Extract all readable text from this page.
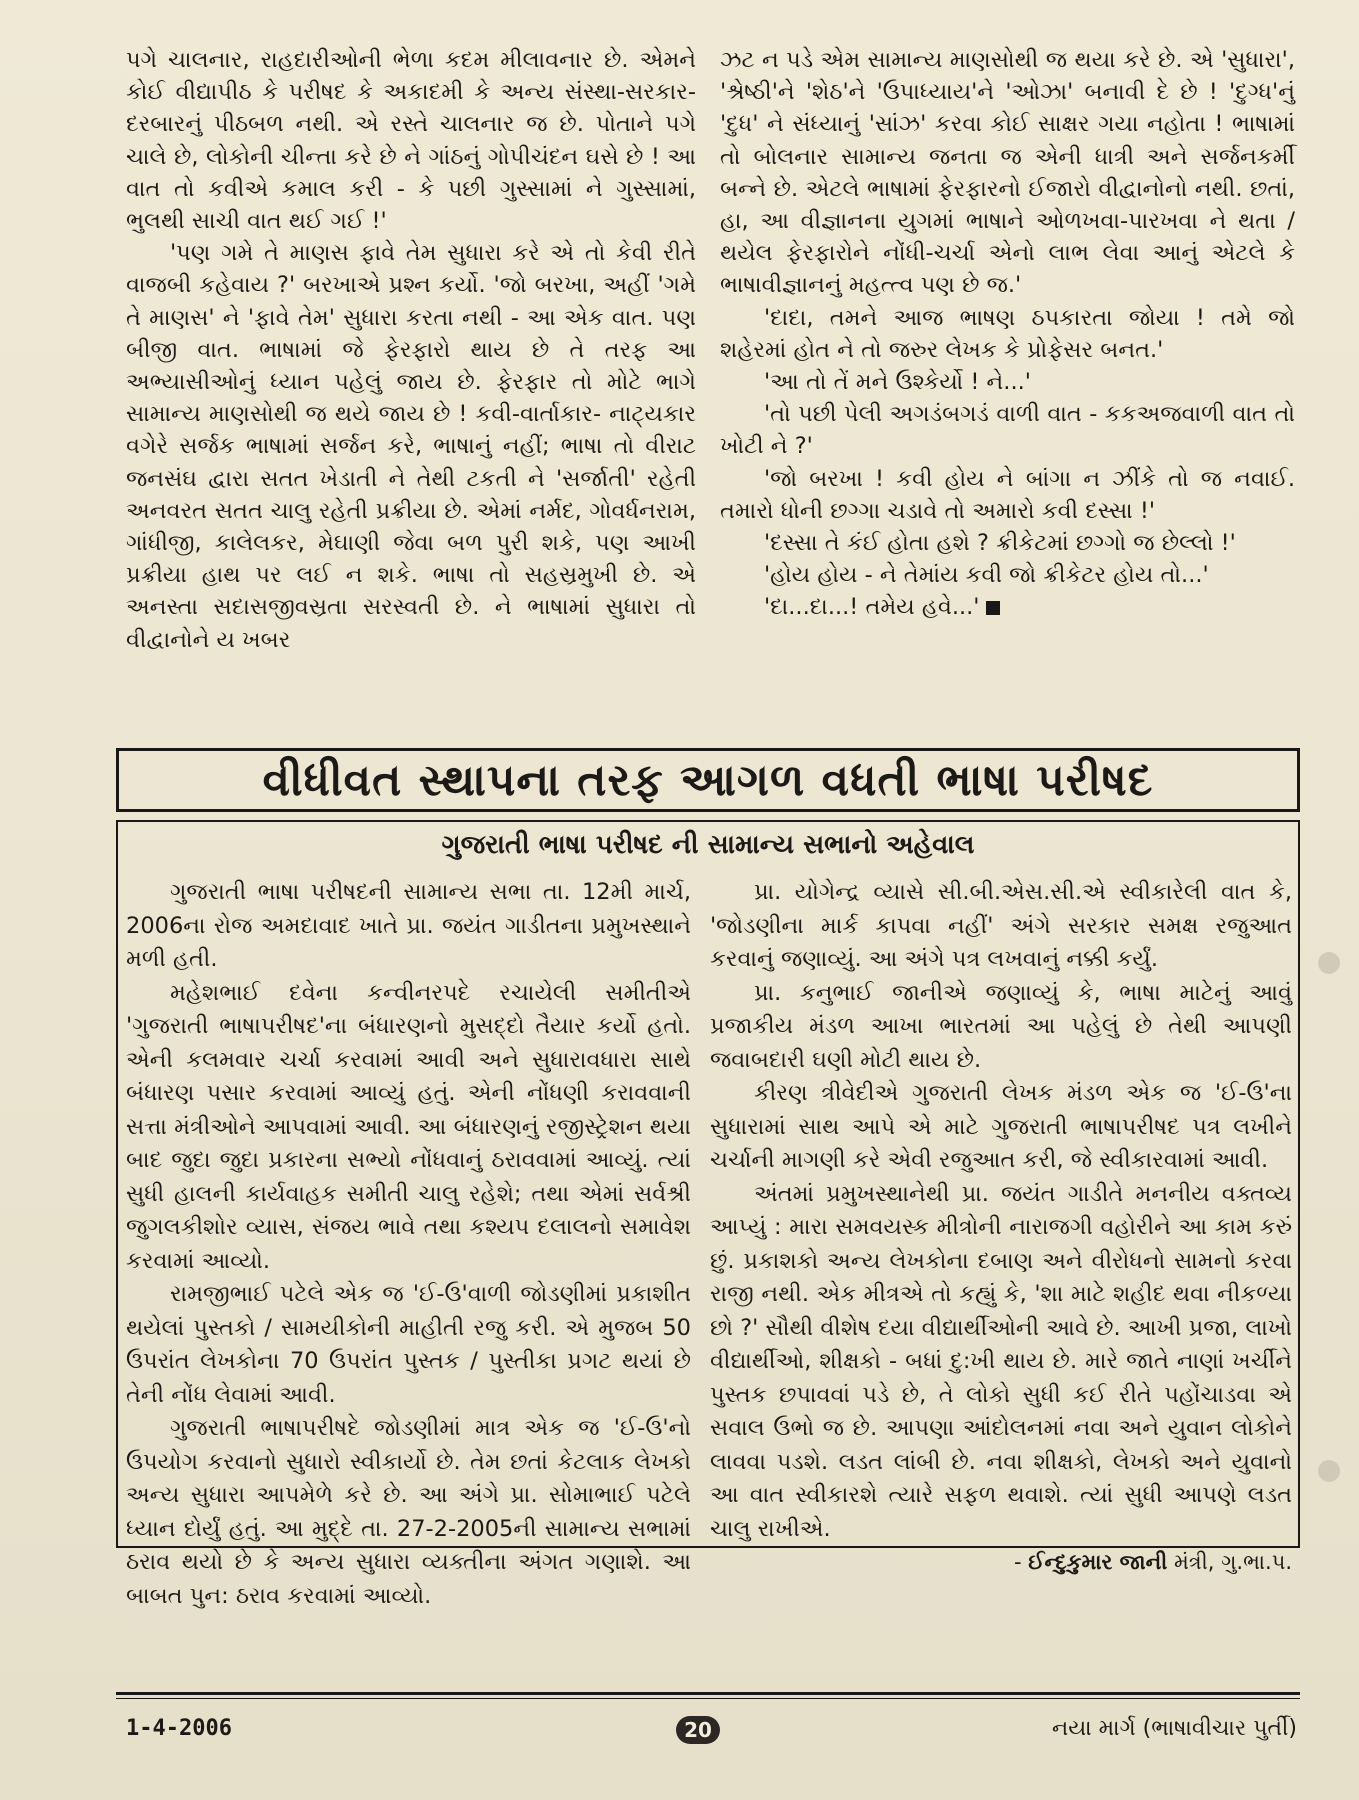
પગે ચાલનાર, રાહદારીઓની ભેળા કદમ મીલાવનાર છે. એમને કોઈ વીદ્યાપીઠ કે પરીષદ કે અકાદમી કે અન્ય સંસ્થા-સરકાર-દરબારનું પીઠબળ નથી. એ રસ્તે ચાલનાર જ છે. પોતાને પગે ચાલે છે, લોકોની ચીન્તા કરે છે ને ગાંઠનું ગોપીચંદન ઘસે છે ! આ વાત તો કવીએ કમાલ કરી - કે પછી ગુસ્સામાં ને ગુસ્સામાં, ભુલથી સાચી વાત થઈ ગઈ !'

'પણ ગમે તે માણસ ફાવે તેમ સુધારા કરે એ તો કેવી રીતે વાજબી કહેવાય ?' બરખાએ પ્રશ્ન કર્યો. 'જો બરખા, અહીં 'ગમે તે માણસ' ને 'ફાવે તેમ' સુધારા કરતા નથી - આ એક વાત. પણ બીજી વાત. ભાષામાં જે ફેરફારો થાય છે તે તરફ આ અભ્યાસીઓનું ધ્યાન પહેલું જાય છે. ફેરફાર તો મોટે ભાગે સામાન્ય માણસોથી જ થયે જાય છે ! કવી-વાર્તાકાર- નાટ્યકાર વગેરે સર્જક ભાષામાં સર્જન કરે, ભાષાનું નહીં; ભાષા તો વીરાટ જનસંઘ દ્વારા સતત ખેડાતી ને તેથી ટકતી ને 'સર્જાતી' રહેતી અનવરત સતત ચાલુ રહેતી પ્રક્રીયા છે. એમાં નર્મદ, ગોવર્ધનરામ, ગાંધીજી, કાલેલકર, મેઘાણી જેવા બળ પુરી શકે, પણ આખી પ્રક્રીયા હાથ પર લઈ ન શકે. ભાષા તો સહસ્રમુખી છે. એ અનસ્તા સદાસજીવસ્રતા સરસ્વતી છે. ને ભાષામાં સુધારા તો વીદ્વાનોને ય ખબર

ઝટ ન પડે એમ સામાન્ય માણસોથી જ થયા કરે છે. એ 'સુધારા', 'શ્રેષ્ઠી'ને 'શેઠ'ને 'ઉપાધ્યાય'ને 'ઓઝા' બનાવી દે છે ! 'દુગ્ધ'નું 'દુધ' ને સંધ્યાનું 'સાંઝ' કરવા કોઈ સાક્ષર ગયા નહોતા ! ભાષામાં તો બોલનાર સામાન્ય જનતા જ એની ધાત્રી અને સર્જનકર્મી બન્ને છે. એટલે ભાષામાં ફેરફારનો ઈજારો વીદ્વાનોનો નથી. છતાં, હા, આ વીજ્ઞાનના યુગમાં ભાષાને ઓળખવા-પારખવા ને થતા / થયેલ ફેરફારોને નોંધી-ચર્ચા એનો લાભ લેવા આનું એટલે કે ભાષાવીજ્ઞાનનું મહત્ત્વ પણ છે જ.'

'દાદા, તમને આજ ભાષણ ઠપકારતા જોયા ! તમે જો શહેરમાં હોત ને તો જરુર લેખક કે પ્રોફેસર બનત.'

'આ તો તેં મને ઉશ્કેર્યો ! ને...'

'તો પછી પેલી અગડંબગડં વાળી વાત - કકઅજવાળી વાત તો ખોટી ને ?'

'જો બરખા ! કવી હોય ને બાંગા ન ઝીંકે તો જ નવાઈ. તમારો ધોની છગ્ગા ચડાવે તો અમારો કવી દસ્સા !'

'દસ્સા તે કંઈ હોતા હશે ? ક્રીકેટમાં છગ્ગો જ છેલ્લો !'

'હોય હોય - ને તેમાંય કવી જો ક્રીકેટર હોય તો...'

'દા...દા...! તમેય હવે...'

વીધીવત સ્થાપના તરફ આગળ વધતી ભાષા પરીષદ
ગુજરાતી ભાષા પરીષદ ની સામાન્ય સભાનો અહેવાલ

ગુજરાતી ભાષા પરીષદની સામાન્ય સભા તા. 12મી માર્ચ, 2006ના રોજ અમદાવાદ ખાતે પ્રા. જયંત ગાડીતના પ્રમુખસ્થાને મળી હતી.

મહેશભાઈ દવેના કન્વીનરપદે રચાયેલી સમીતીએ 'ગુજરાતી ભાષાપરીષદ'ના બંધારણનો મુસદ્દો તૈયાર કર્યો હતો. એની કલમવાર ચર્ચા કરવામાં આવી અને સુધારાવધારા સાથે બંધારણ પસાર કરવામાં આવ્યું હતું. એની નોંધણી કરાવવાની સત્તા મંત્રીઓને આપવામાં આવી. આ બંધારણનું રજીસ્ટ્રેશન થયા બાદ જુદા જુદા પ્રકારના સભ્યો નોંધવાનું ઠરાવવામાં આવ્યું. ત્યાં સુધી હાલની કાર્યવાહક સમીતી ચાલુ રહેશે; તથા એમાં સર્વશ્રી જુગલકીશોર વ્યાસ, સંજય ભાવે તથા કશ્યપ દલાલનો સમાવેશ કરવામાં આવ્યો.

રામજીભાઈ પટેલે એક જ 'ઈ-ઉ'વાળી જોડણીમાં પ્રકાશીત થયેલાં પુસ્તકો / સામયીકોની માહીતી રજુ કરી. એ મુજબ 50 ઉપરાંત લેખકોના 70 ઉપરાંત પુસ્તક / પુસ્તીકા પ્રગટ થયાં છે તેની નોંધ લેવામાં આવી.

ગુજરાતી ભાષાપરીષદે જોડણીમાં માત્ર એક જ 'ઈ-ઉ'નો ઉપયોગ કરવાનો સુધારો સ્વીકાર્યો છે. તેમ છતાં કેટલાક લેખકો અન્ય સુધારા આપમેળે કરે છે. આ અંગે પ્રા. સોમાભાઈ પટેલે ધ્યાન દોર્યું હતું. આ મુદ્દે તા. 27-2-2005ની સામાન્ય સભામાં ઠરાવ થયો છે કે અન્ય સુધારા વ્યક્તીના અંગત ગણાશે. આ બાબત પુન: ઠરાવ કરવામાં આવ્યો.

પ્રા. યોગેન્દ્ર વ્યાસે સી.બી.એસ.સી.એ સ્વીકારેલી વાત કે, 'જોડણીના માર્ક કાપવા નહીં' અંગે સરકાર સમક્ષ રજુઆત કરવાનું જણાવ્યું. આ અંગે પત્ર લખવાનું નક્કી કર્યું.

પ્રા. કનુભાઈ જાનીએ જણાવ્યું કે, ભાષા માટેનું આવું પ્રજાકીય મંડળ આખા ભારતમાં આ પહેલું છે તેથી આપણી જવાબદારી ઘણી મોટી થાય છે.

કીરણ ત્રીવેદીએ ગુજરાતી લેખક મંડળ એક જ 'ઈ-ઉ'ના સુધારામાં સાથ આપે એ માટે ગુજરાતી ભાષાપરીષદ પત્ર લખીને ચર્ચાની માગણી કરે એવી રજુઆત કરી, જે સ્વીકારવામાં આવી.

અંતમાં પ્રમુખસ્થાનેથી પ્રા. જયંત ગાડીતે મનનીય વક્તવ્ય આપ્યું : મારા સમવયસ્ક મીત્રોની નારાજગી વહોરીને આ કામ કરું છું. પ્રકાશકો અન્ય લેખકોના દબાણ અને વીરોધનો સામનો કરવા રાજી નથી. એક મીત્રએ તો કહ્યું કે, 'શા માટે શહીદ થવા નીકળ્યા છો ?' સૌથી વીશેષ દયા વીદ્યાર્થીઓની આવે છે. આખી પ્રજા, લાખો વીદ્યાર્થીઓ, શીક્ષકો - બધાં દુ:ખી થાય છે. મારે જાતે નાણાં ખર્ચીને પુસ્તક છપાવવાં પડે છે, તે લોકો સુધી કઈ રીતે પહોંચાડવા એ સવાલ ઉભો જ છે. આપણા આંદોલનમાં નવા અને યુવાન લોકોને લાવવા પડશે. લડત લાંબી છે. નવા શીક્ષકો, લેખકો અને યુવાનો આ વાત સ્વીકારશે ત્યારે સફળ થવાશે. ત્યાં સુધી આપણે લડત ચાલુ રાખીએ.

- ઈન્દુકુમાર જાની મંત્રી, ગુ.ભા.પ.

1-4-2006	20	નયા માર્ગ (ભાષાવીચાર પુર્તી)
